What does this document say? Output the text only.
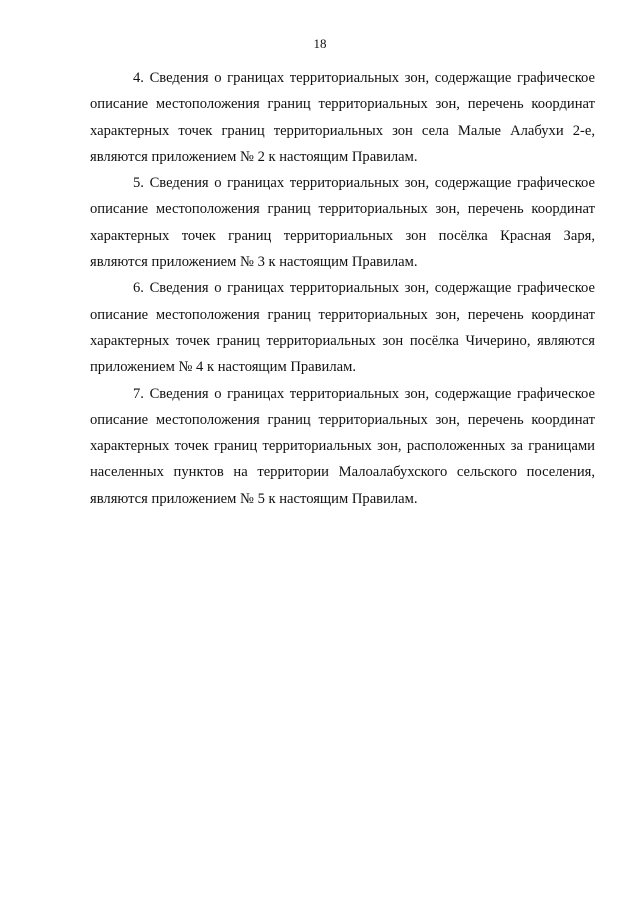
18

4. Сведения о границах территориальных зон, содержащие графическое описание местоположения границ территориальных зон, перечень координат характерных точек границ территориальных зон села Малые Алабухи 2-е, являются приложением № 2 к настоящим Правилам.

5. Сведения о границах территориальных зон, содержащие графическое описание местоположения границ территориальных зон, перечень координат характерных точек границ территориальных зон посёлка Красная Заря, являются приложением № 3 к настоящим Правилам.

6. Сведения о границах территориальных зон, содержащие графическое описание местоположения границ территориальных зон, перечень координат характерных точек границ территориальных зон посёлка Чичерино, являются приложением № 4 к настоящим Правилам.

7. Сведения о границах территориальных зон, содержащие графическое описание местоположения границ территориальных зон, перечень координат характерных точек границ территориальных зон, расположенных за границами населенных пунктов на территории Малоалабухского сельского поселения, являются приложением № 5 к настоящим Правилам.
